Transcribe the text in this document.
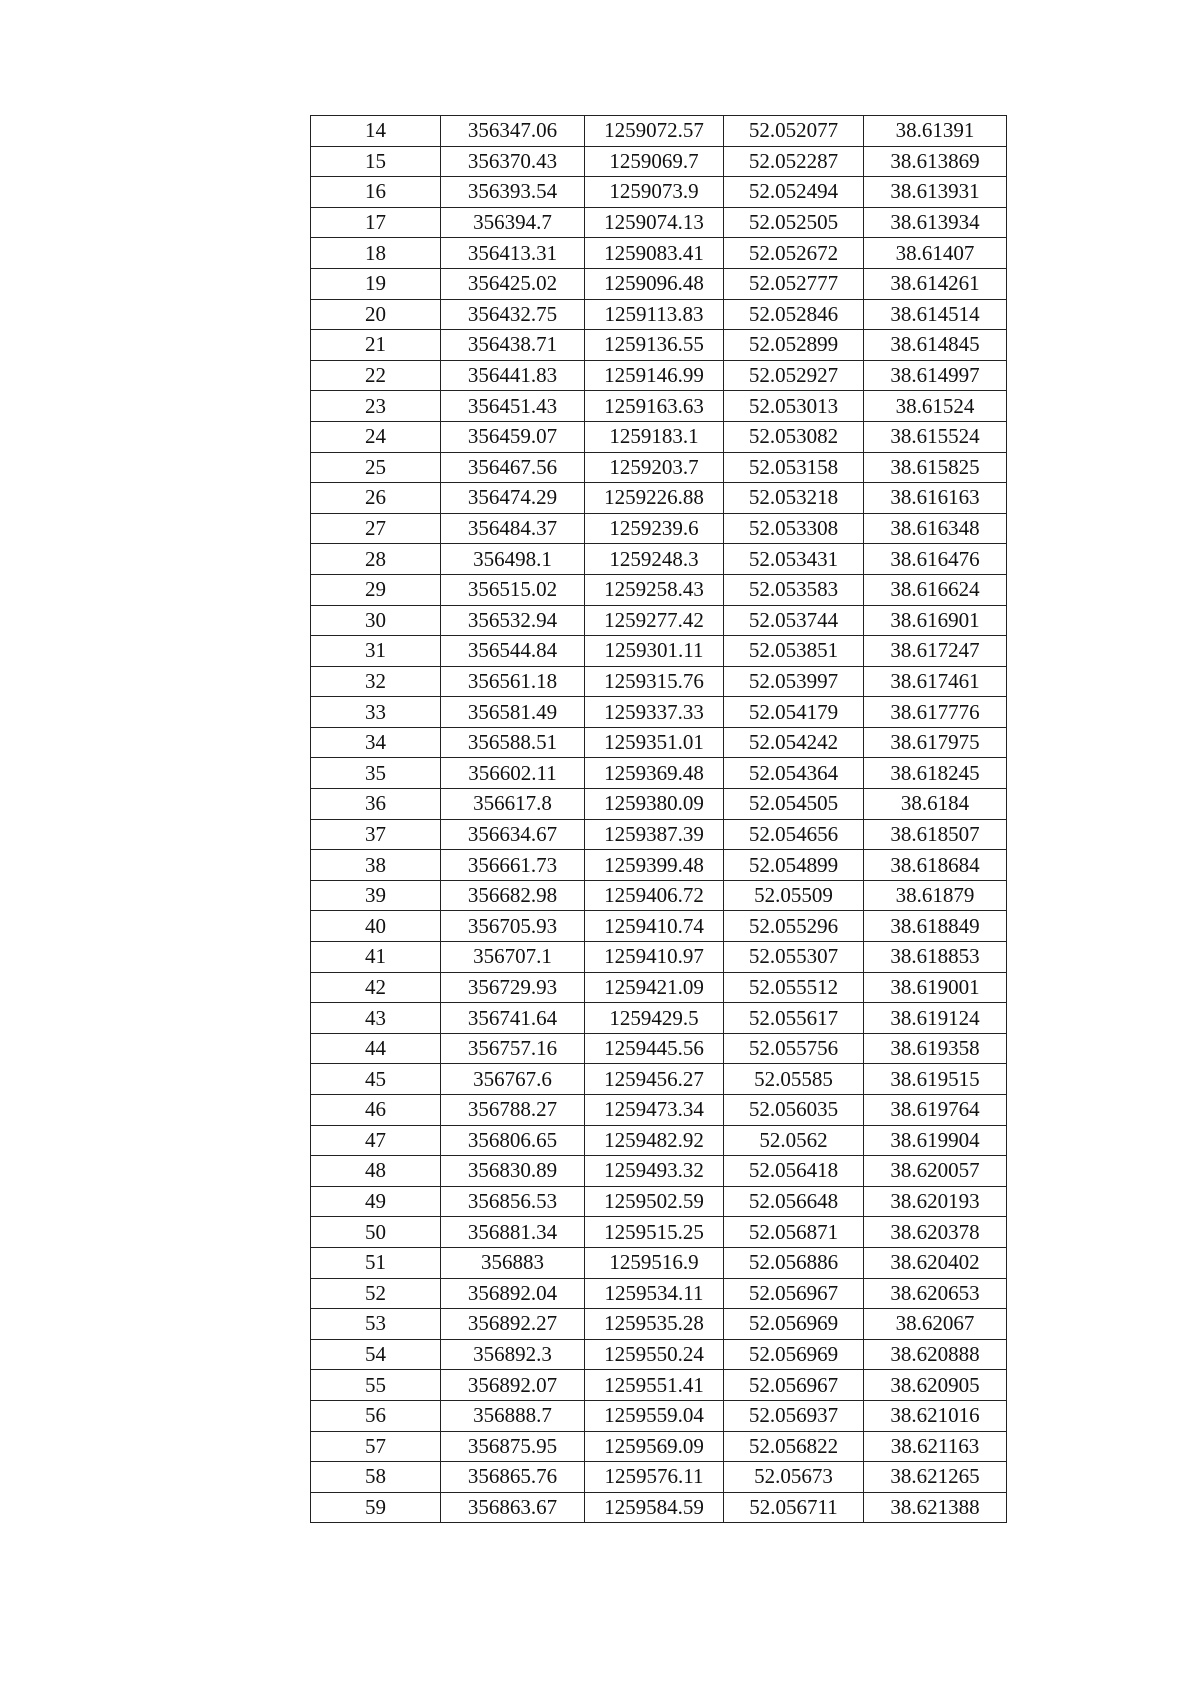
14	356347.06	1259072.57	52.052077	38.61391
15	356370.43	1259069.7	52.052287	38.613869
16	356393.54	1259073.9	52.052494	38.613931
17	356394.7	1259074.13	52.052505	38.613934
18	356413.31	1259083.41	52.052672	38.61407
19	356425.02	1259096.48	52.052777	38.614261
20	356432.75	1259113.83	52.052846	38.614514
21	356438.71	1259136.55	52.052899	38.614845
22	356441.83	1259146.99	52.052927	38.614997
23	356451.43	1259163.63	52.053013	38.61524
24	356459.07	1259183.1	52.053082	38.615524
25	356467.56	1259203.7	52.053158	38.615825
26	356474.29	1259226.88	52.053218	38.616163
27	356484.37	1259239.6	52.053308	38.616348
28	356498.1	1259248.3	52.053431	38.616476
29	356515.02	1259258.43	52.053583	38.616624
30	356532.94	1259277.42	52.053744	38.616901
31	356544.84	1259301.11	52.053851	38.617247
32	356561.18	1259315.76	52.053997	38.617461
33	356581.49	1259337.33	52.054179	38.617776
34	356588.51	1259351.01	52.054242	38.617975
35	356602.11	1259369.48	52.054364	38.618245
36	356617.8	1259380.09	52.054505	38.6184
37	356634.67	1259387.39	52.054656	38.618507
38	356661.73	1259399.48	52.054899	38.618684
39	356682.98	1259406.72	52.05509	38.61879
40	356705.93	1259410.74	52.055296	38.618849
41	356707.1	1259410.97	52.055307	38.618853
42	356729.93	1259421.09	52.055512	38.619001
43	356741.64	1259429.5	52.055617	38.619124
44	356757.16	1259445.56	52.055756	38.619358
45	356767.6	1259456.27	52.05585	38.619515
46	356788.27	1259473.34	52.056035	38.619764
47	356806.65	1259482.92	52.0562	38.619904
48	356830.89	1259493.32	52.056418	38.620057
49	356856.53	1259502.59	52.056648	38.620193
50	356881.34	1259515.25	52.056871	38.620378
51	356883	1259516.9	52.056886	38.620402
52	356892.04	1259534.11	52.056967	38.620653
53	356892.27	1259535.28	52.056969	38.62067
54	356892.3	1259550.24	52.056969	38.620888
55	356892.07	1259551.41	52.056967	38.620905
56	356888.7	1259559.04	52.056937	38.621016
57	356875.95	1259569.09	52.056822	38.621163
58	356865.76	1259576.11	52.05673	38.621265
59	356863.67	1259584.59	52.056711	38.621388
